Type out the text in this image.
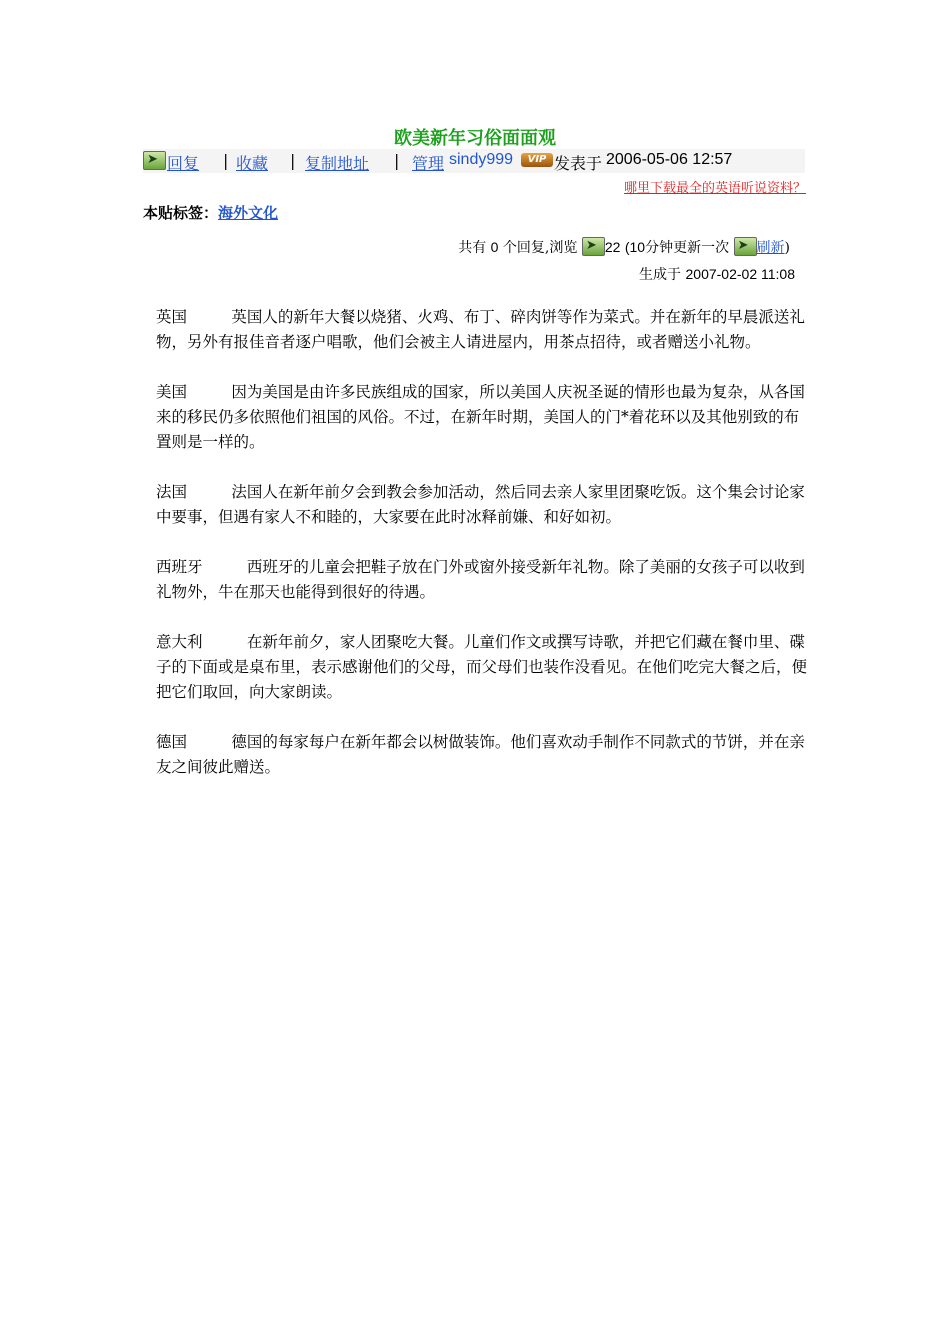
欧美新年习俗面面观
➤
回复 | 收藏 | 复制地址 | 管理 sindy999	VIP 发表于 2006-05-06 12:57
哪里下载最全的英语听说资料？
本贴标签：海外文化
共有 0 个回复,浏览 ➤ 22 (10分钟更新一次 ➤ 刷新)
生成于 2007-02-02 11:08

英国	英国人的新年大餐以烧猪、火鸡、布丁、碎肉饼等作为菜式。并在新年的早晨派送礼物，另外有报佳音者逐户唱歌，他们会被主人请进屋内，用茶点招待，或者赠送小礼物。

美国	因为美国是由许多民族组成的国家，所以美国人庆祝圣诞的情形也最为复杂，从各国来的移民仍多依照他们祖国的风俗。不过，在新年时期，美国人的门*着花环以及其他别致的布置则是一样的。

法国	法国人在新年前夕会到教会参加活动，然后同去亲人家里团聚吃饭。这个集会讨论家中要事，但遇有家人不和睦的，大家要在此时冰释前嫌、和好如初。

西班牙	西班牙的儿童会把鞋子放在门外或窗外接受新年礼物。除了美丽的女孩子可以收到礼物外，牛在那天也能得到很好的待遇。

意大利	在新年前夕，家人团聚吃大餐。儿童们作文或撰写诗歌，并把它们藏在餐巾里、碟子的下面或是桌布里，表示感谢他们的父母，而父母们也装作没看见。在他们吃完大餐之后，便把它们取回，向大家朗读。

德国	德国的每家每户在新年都会以树做装饰。他们喜欢动手制作不同款式的节饼，并在亲友之间彼此赠送。
